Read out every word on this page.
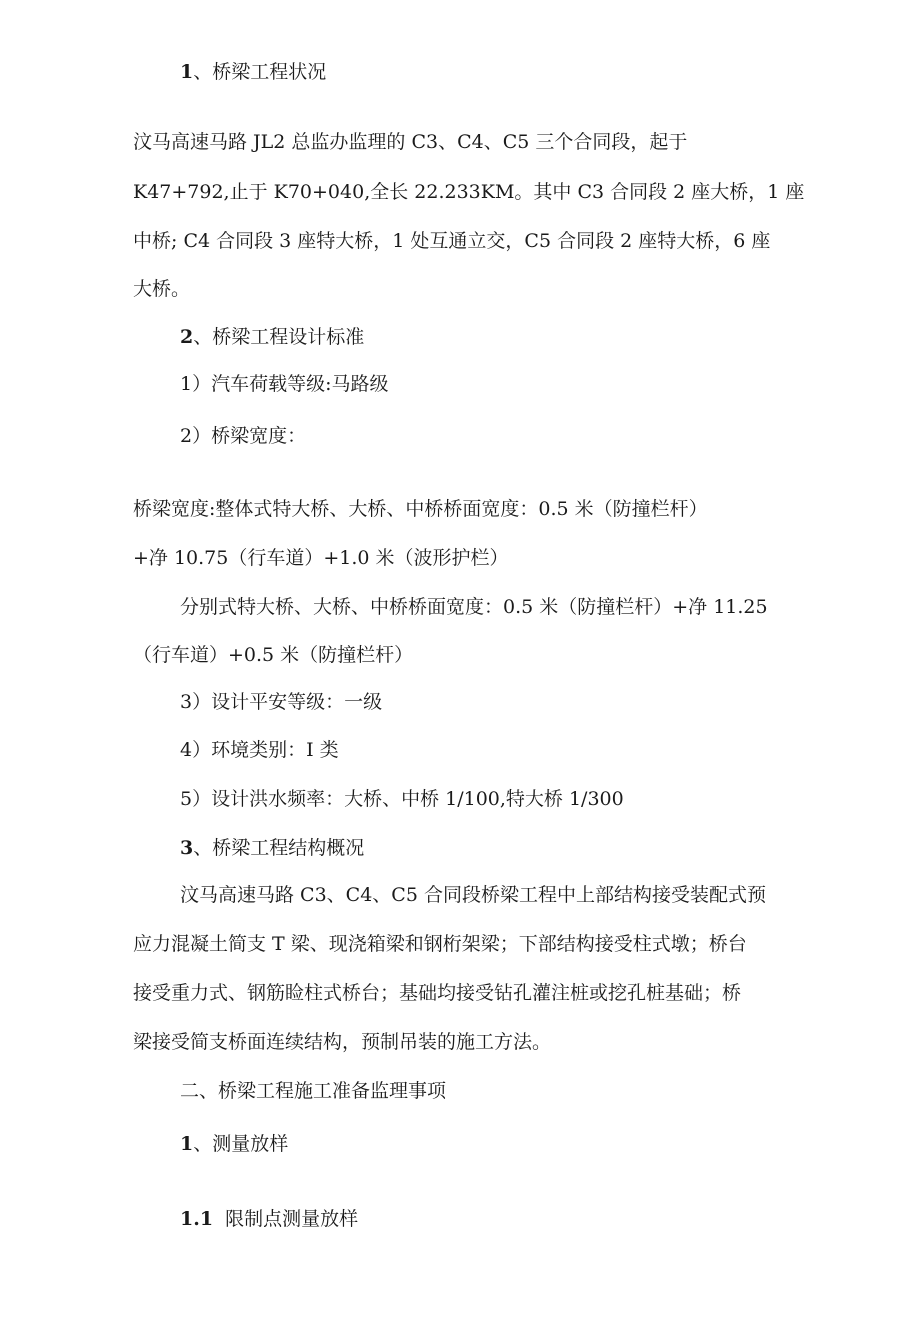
1、桥梁工程状况
汶马高速马路 JL2 总监办监理的 C3、C4、C5 三个合同段，起于
K47+792,止于 K70+040,全长 22.233KM。其中 C3 合同段 2 座大桥，1 座
中桥; C4 合同段 3 座特大桥，1 处互通立交，C5 合同段 2 座特大桥，6 座
大桥。
2、桥梁工程设计标准
1）汽车荷载等级:马路级
2）桥梁宽度：
桥梁宽度:整体式特大桥、大桥、中桥桥面宽度：0.5 米（防撞栏杆）
+净 10.75（行车道）+1.0 米（波形护栏）
分别式特大桥、大桥、中桥桥面宽度：0.5 米（防撞栏杆）+净 11.25
（行车道）+0.5 米（防撞栏杆）
3）设计平安等级：一级
4）环境类别：I 类
5）设计洪水频率：大桥、中桥 1/100,特大桥 1/300
3、桥梁工程结构概况
汶马高速马路 C3、C4、C5 合同段桥梁工程中上部结构接受装配式预
应力混凝土简支 T 梁、现浇箱梁和钢桁架梁；下部结构接受柱式墩；桥台
接受重力式、钢筋睑柱式桥台；基础均接受钻孔灌注桩或挖孔桩基础；桥
梁接受简支桥面连续结构，预制吊装的施工方法。
二、桥梁工程施工准备监理事项
1、测量放样
1.1 限制点测量放样
